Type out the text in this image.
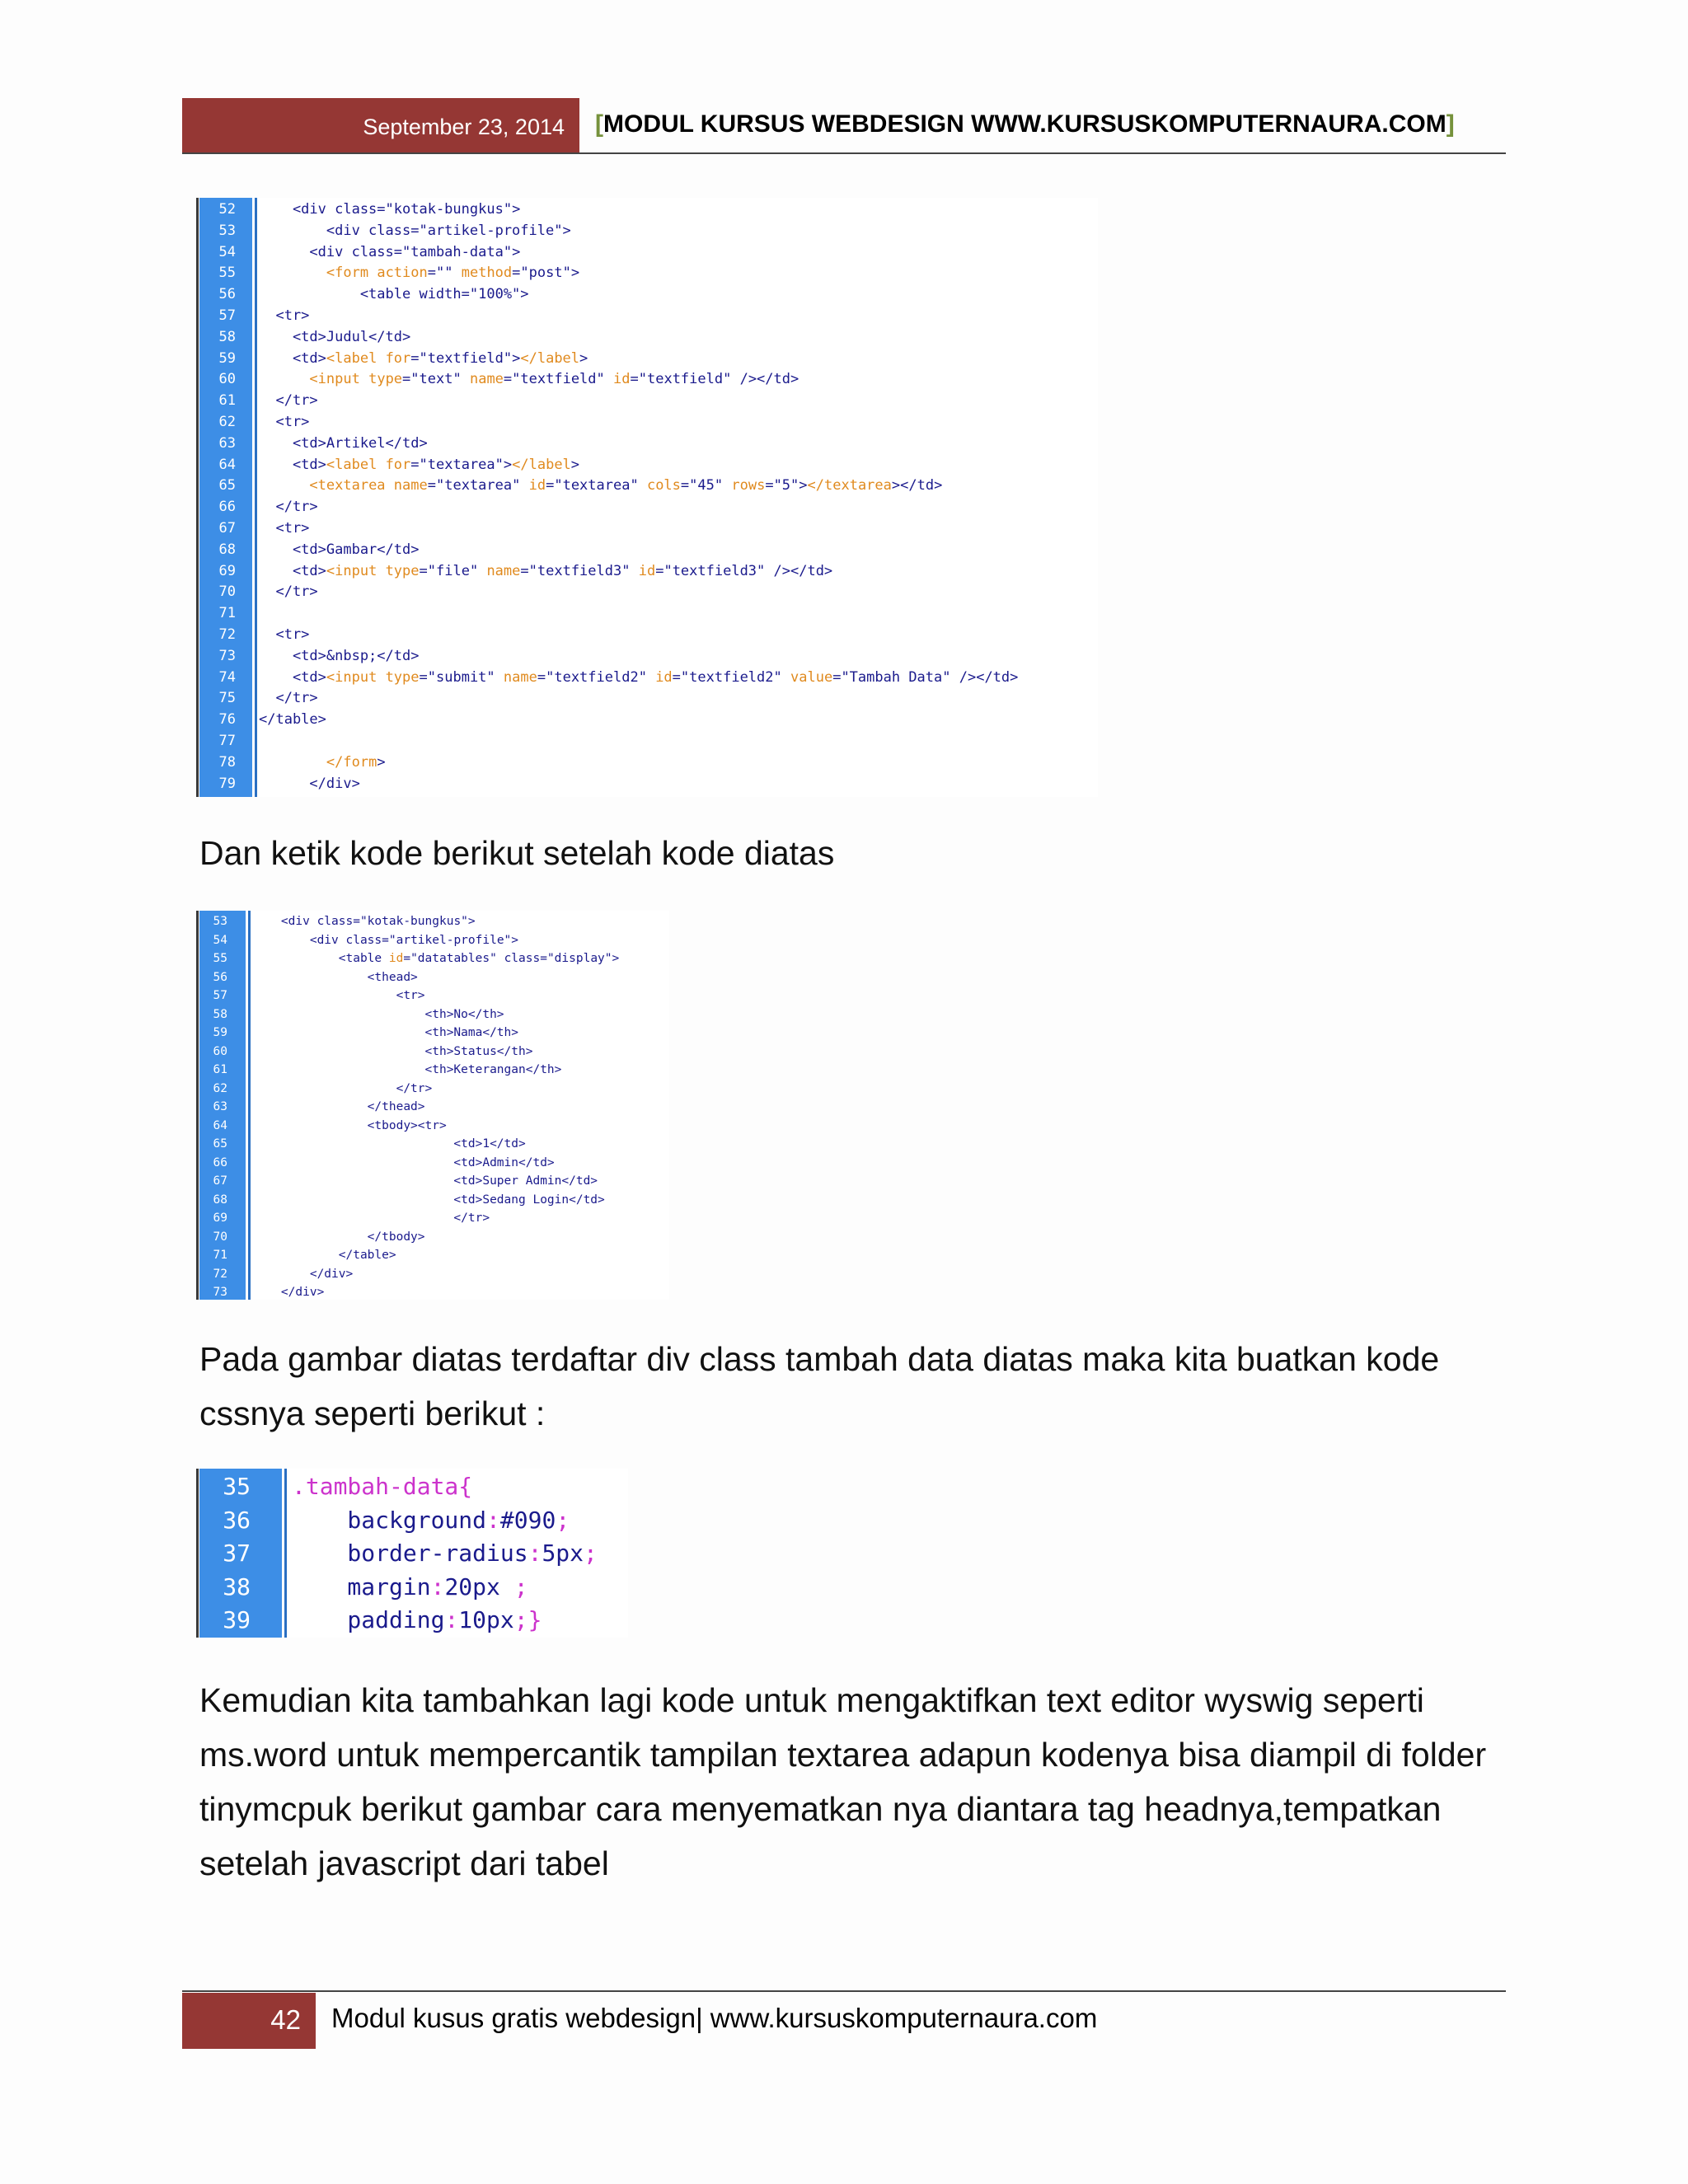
September 23, 2014 [MODUL KURSUS WEBDESIGN WWW.KURSUSKOMPUTERNAURA.COM]
52 <div class="kotak-bungkus">
53 <div class="artikel-profile">
54 <div class="tambah-data">
55	<form action="" method="post">
56 <table width="100%">
57 <tr>
58 <td>Judul</td>
59 <td><label for="textfield"></label>
60	<input type="text" name="textfield" id="textfield" /></td>
61 </tr>
62 <tr>
63 <td>Artikel</td>
64 <td><label for="textarea"></label>
65	<textarea name="textarea" id="textarea" cols="45" rows="5"></textarea></td>
66 </tr>
67 <tr>
68 <td>Gambar</td>
69 <td><input type="file" name="textfield3" id="textfield3" /></td>
70 </tr>
71
72 <tr>
73 <td>&nbsp;</td>
74 <td><input type="submit" name="textfield2" id="textfield2" value="Tambah Data" /></td>
75 </tr>
76 </table>
77
78	</form>
79 </div>
Dan ketik kode berikut setelah kode diatas
53 <div class="kotak-bungkus">
54 <div class="artikel-profile">
55 <table id="datatables" class="display">
56 <thead>
57 <tr>
58 <th>No</th>
59 <th>Nama</th>
60 <th>Status</th>
61 <th>Keterangan</th>
62 </tr>
63 </thead>
64 <tbody><tr>
65 <td>1</td>
66 <td>Admin</td>
67 <td>Super Admin</td>
68 <td>Sedang Login</td>
69 </tr>
70 </tbody>
71 </table>
72 </div>
73 </div>
Pada gambar diatas terdaftar div class tambah data diatas maka kita buatkan kode cssnya seperti berikut :
35 .tambah-data{
36 background:#090;
37 border-radius:5px;
38 margin:20px ;
39 padding:10px;}
Kemudian kita tambahkan lagi kode untuk mengaktifkan text editor wyswig seperti ms.word untuk mempercantik tampilan textarea adapun kodenya bisa diampil di folder tinymcpuk berikut gambar cara menyematkan nya diantara tag headnya,tempatkan setelah javascript dari tabel
42 Modul kusus gratis webdesign| www.kursuskomputernaura.com
